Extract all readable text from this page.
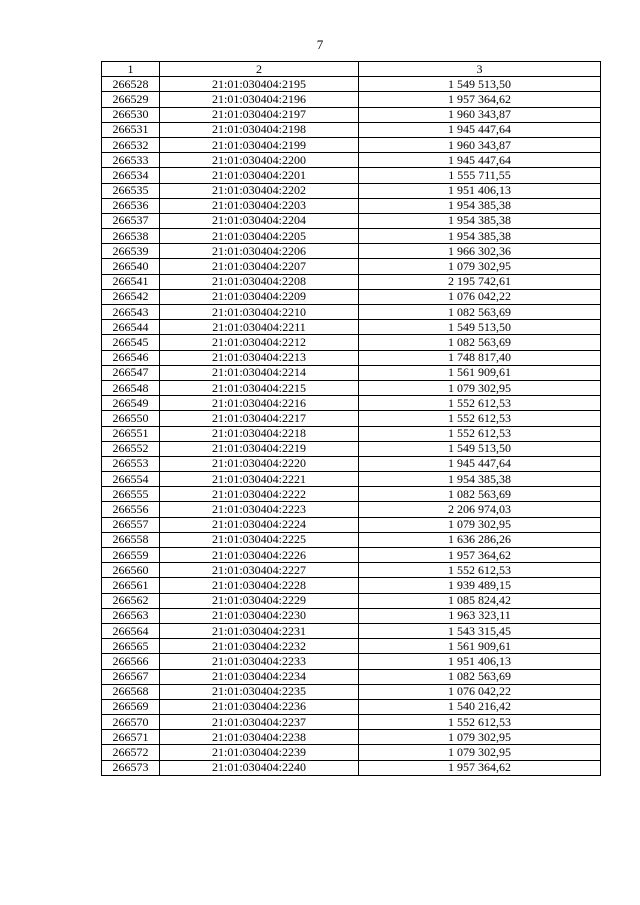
7
1	2	3
266528	21:01:030404:2195	1 549 513,50
266529	21:01:030404:2196	1 957 364,62
266530	21:01:030404:2197	1 960 343,87
266531	21:01:030404:2198	1 945 447,64
266532	21:01:030404:2199	1 960 343,87
266533	21:01:030404:2200	1 945 447,64
266534	21:01:030404:2201	1 555 711,55
266535	21:01:030404:2202	1 951 406,13
266536	21:01:030404:2203	1 954 385,38
266537	21:01:030404:2204	1 954 385,38
266538	21:01:030404:2205	1 954 385,38
266539	21:01:030404:2206	1 966 302,36
266540	21:01:030404:2207	1 079 302,95
266541	21:01:030404:2208	2 195 742,61
266542	21:01:030404:2209	1 076 042,22
266543	21:01:030404:2210	1 082 563,69
266544	21:01:030404:2211	1 549 513,50
266545	21:01:030404:2212	1 082 563,69
266546	21:01:030404:2213	1 748 817,40
266547	21:01:030404:2214	1 561 909,61
266548	21:01:030404:2215	1 079 302,95
266549	21:01:030404:2216	1 552 612,53
266550	21:01:030404:2217	1 552 612,53
266551	21:01:030404:2218	1 552 612,53
266552	21:01:030404:2219	1 549 513,50
266553	21:01:030404:2220	1 945 447,64
266554	21:01:030404:2221	1 954 385,38
266555	21:01:030404:2222	1 082 563,69
266556	21:01:030404:2223	2 206 974,03
266557	21:01:030404:2224	1 079 302,95
266558	21:01:030404:2225	1 636 286,26
266559	21:01:030404:2226	1 957 364,62
266560	21:01:030404:2227	1 552 612,53
266561	21:01:030404:2228	1 939 489,15
266562	21:01:030404:2229	1 085 824,42
266563	21:01:030404:2230	1 963 323,11
266564	21:01:030404:2231	1 543 315,45
266565	21:01:030404:2232	1 561 909,61
266566	21:01:030404:2233	1 951 406,13
266567	21:01:030404:2234	1 082 563,69
266568	21:01:030404:2235	1 076 042,22
266569	21:01:030404:2236	1 540 216,42
266570	21:01:030404:2237	1 552 612,53
266571	21:01:030404:2238	1 079 302,95
266572	21:01:030404:2239	1 079 302,95
266573	21:01:030404:2240	1 957 364,62
